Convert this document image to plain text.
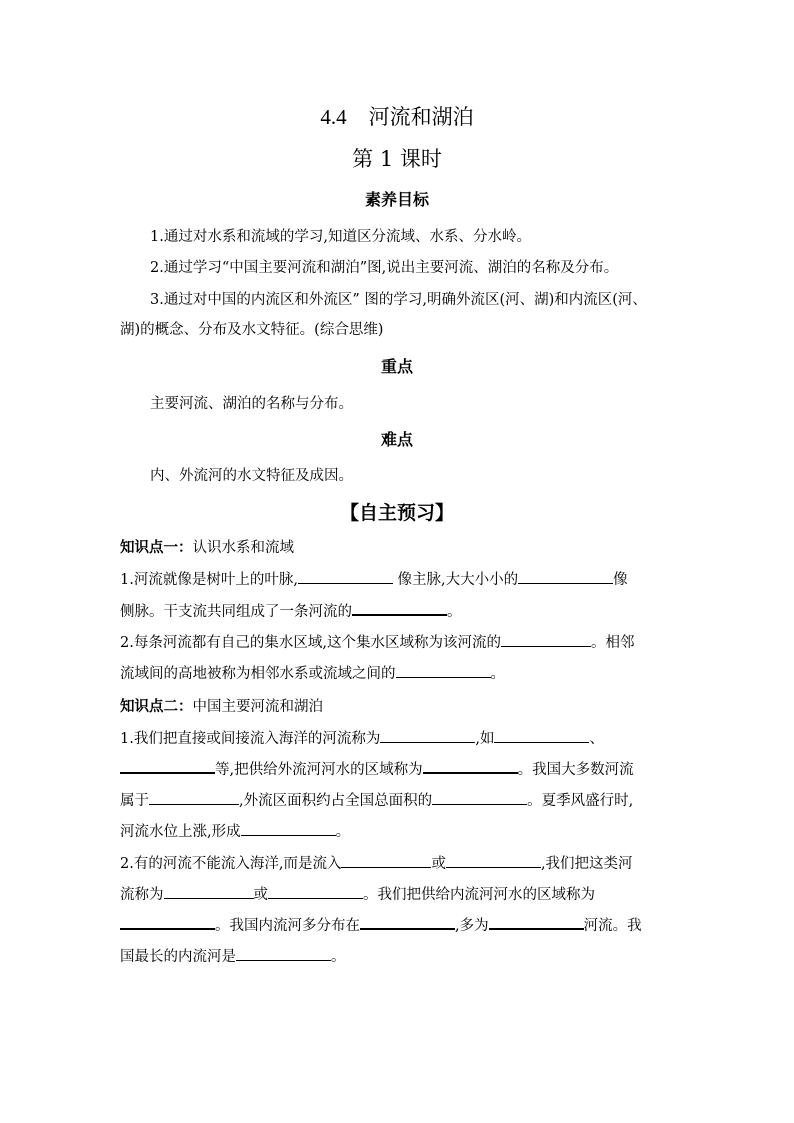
4.4 河流和湖泊
第 1 课时
素养目标
1.通过对水系和流域的学习,知道区分流域、水系、分水岭。
2.通过学习“中国主要河流和湖泊”图,说出主要河流、湖泊的名称及分布。
3.通过对中国的内流区和外流区” 图的学习,明确外流区(河、湖)和内流区(河、
湖)的概念、分布及水文特征。(综合思维)
重点
主要河流、湖泊的名称与分布。
难点
内、外流河的水文特征及成因。
【自主预习】
知识点一：认识水系和流域
1.河流就像是树叶上的叶脉,	像主脉,大大小小的	像
侧脉。干支流共同组成了一条河流的	。
2.每条河流都有自己的集水区域,这个集水区域称为该河流的	。相邻
流域间的高地被称为相邻水系或流域之间的	。
知识点二：中国主要河流和湖泊
1.我们把直接或间接流入海洋的河流称为	,如	、
等,把供给外流河河水的区域称为	。我国大多数河流
属于	,外流区面积约占全国总面积的	。夏季风盛行时,
河流水位上涨,形成	。
2.有的河流不能流入海洋,而是流入	或	,我们把这类河
流称为	或	。我们把供给内流河河水的区域称为
。我国内流河多分布在	,多为	河流。我
国最长的内流河是	。
